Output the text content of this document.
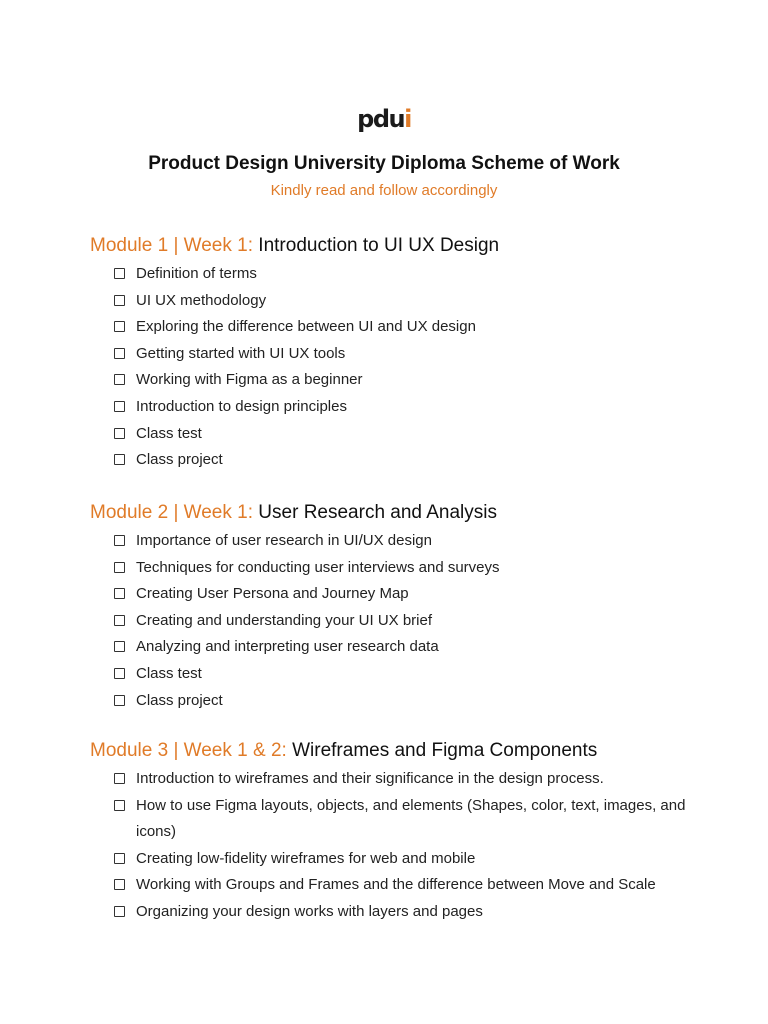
pdui
Product Design University Diploma Scheme of Work
Kindly read and follow accordingly
Module 1 | Week 1: Introduction to UI UX Design
Definition of terms
UI UX methodology
Exploring the difference between UI and UX design
Getting started with UI UX tools
Working with Figma as a beginner
Introduction to design principles
Class test
Class project
Module 2 | Week 1: User Research and Analysis
Importance of user research in UI/UX design
Techniques for conducting user interviews and surveys
Creating User Persona and Journey Map
Creating and understanding your UI UX brief
Analyzing and interpreting user research data
Class test
Class project
Module 3 | Week 1 & 2: Wireframes and Figma Components
Introduction to wireframes and their significance in the design process.
How to use Figma layouts, objects, and elements (Shapes, color, text, images, and icons)
Creating low-fidelity wireframes for web and mobile
Working with Groups and Frames and the difference between Move and Scale
Organizing your design works with layers and pages
